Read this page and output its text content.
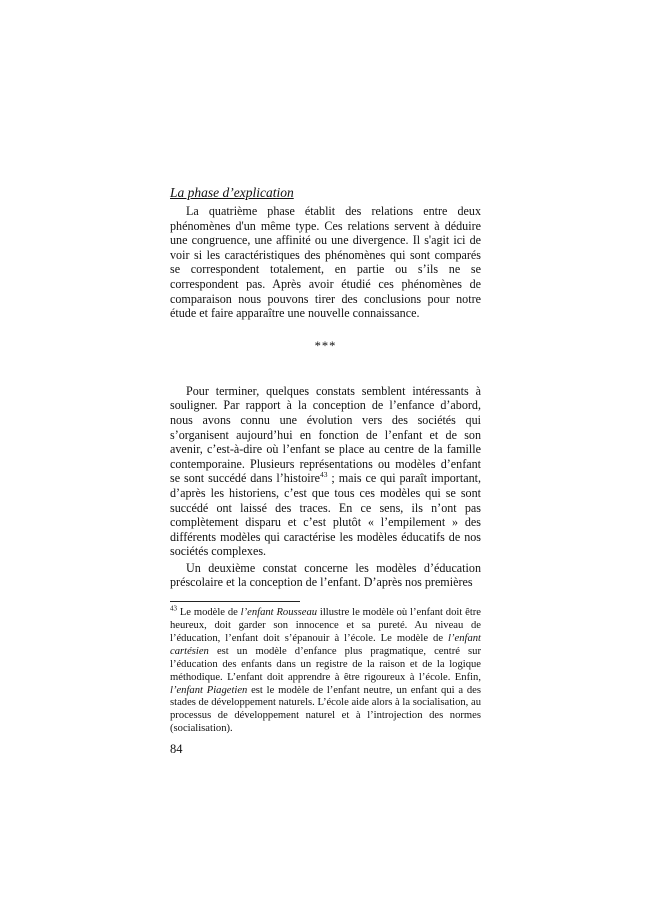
La phase d’explication

La quatrième phase établit des relations entre deux phénomènes d'un même type. Ces relations servent à déduire une congruence, une affinité ou une divergence. Il s'agit ici de voir si les caractéristiques des phénomènes qui sont comparés se correspondent totalement, en partie ou s’ils ne se correspondent pas. Après avoir étudié ces phénomènes de comparaison nous pouvons tirer des conclusions pour notre étude et faire apparaître une nouvelle connaissance.

***

Pour terminer, quelques constats semblent intéressants à souligner. Par rapport à la conception de l’enfance d’abord, nous avons connu une évolution vers des sociétés qui s’organisent aujourd’hui en fonction de l’enfant et de son avenir, c’est-à-dire où l’enfant se place au centre de la famille contemporaine. Plusieurs représentations ou modèles d’enfant se sont succédé dans l’histoire$^{43}$ ; mais ce qui paraît important, d’après les historiens, c’est que tous ces modèles qui se sont succédé ont laissé des traces. En ce sens, ils n’ont pas complètement disparu et c’est plutôt « l’empilement » des différents modèles qui caractérise les modèles éducatifs de nos sociétés complexes.

Un deuxième constat concerne les modèles d’éducation préscolaire et la conception de l’enfant. D’après nos premières

$^{43}$ Le modèle de l’enfant Rousseau illustre le modèle où l’enfant doit être heureux, doit garder son innocence et sa pureté. Au niveau de l’éducation, l’enfant doit s’épanouir à l’école. Le modèle de l’enfant cartésien est un modèle d’enfance plus pragmatique, centré sur l’éducation des enfants dans un registre de la raison et de la logique méthodique. L’enfant doit apprendre à être rigoureux à l’école. Enfin, l’enfant Piagetien est le modèle de l’enfant neutre, un enfant qui a des stades de développement naturels. L’école aide alors à la socialisation, au processus de développement naturel et à l’introjection des normes (socialisation).

84
